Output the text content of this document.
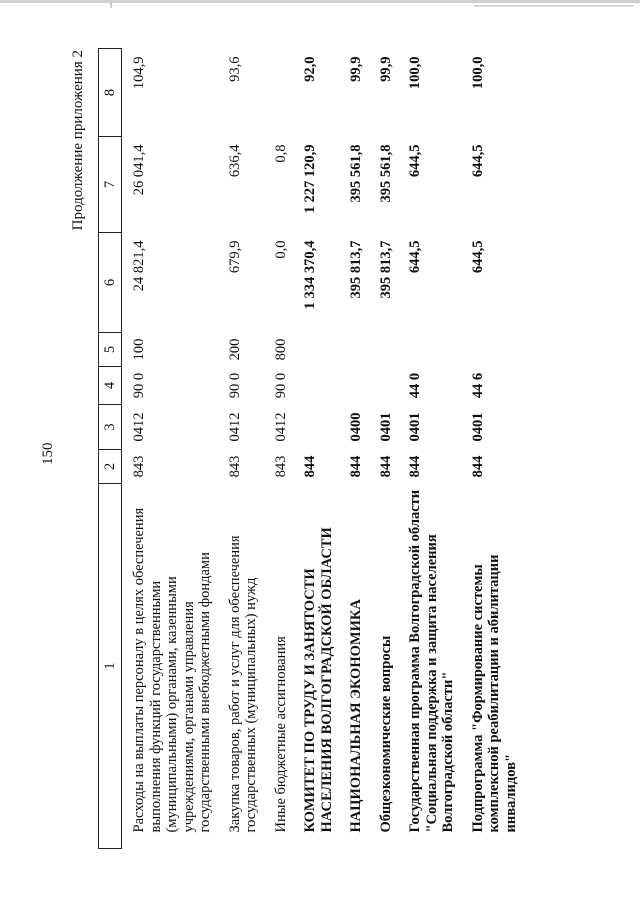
150
Продолжение приложения 2
1	2	3	4	5	6	7	8
Расходы на выплаты персоналу в целях обеспечения выполнения функций государственными (муниципальными) органами, казенными учреждениями, органами управления государственными внебюджетными фондами	843	0412	90 0	100	24 821,4	26 041,4	104,9
Закупка товаров, работ и услуг для обеспечения государственных (муниципальных) нужд	843	0412	90 0	200	679,9	636,4	93,6
Иные бюджетные ассигнования	843	0412	90 0	800	0,0	0,8	
КОМИТЕТ ПО ТРУДУ И ЗАНЯТОСТИ НАСЕЛЕНИЯ ВОЛГОГРАДСКОЙ ОБЛАСТИ	844				1 334 370,4	1 227 120,9	92,0
НАЦИОНАЛЬНАЯ ЭКОНОМИКА	844	0400			395 813,7	395 561,8	99,9
Общеэкономические вопросы	844	0401			395 813,7	395 561,8	99,9
Государственная программа Волгоградской области "Социальная поддержка и защита населения Волгоградской области"	844	0401	44 0		644,5	644,5	100,0
Подпрограмма "Формирование системы комплексной реабилитации и абилитации инвалидов"	844	0401	44 6		644,5	644,5	100,0
